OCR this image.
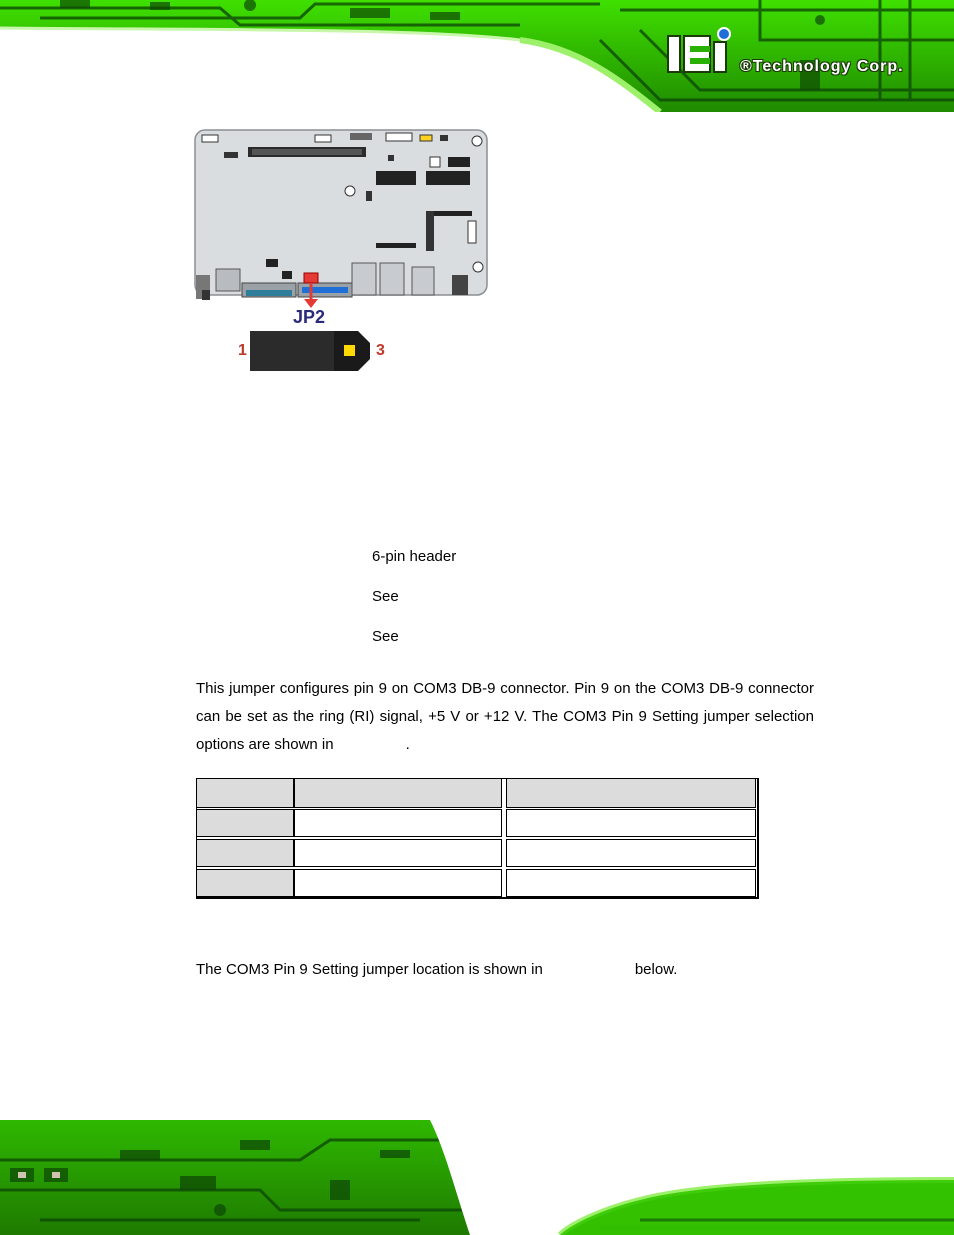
®Technology Corp.
JP2
1	3
6-pin header
See
See
This jumper configures pin 9 on COM3 DB-9 connector. Pin 9 on the COM3 DB-9 connector can be set as the ring (RI) signal, +5 V or +12 V. The COM3 Pin 9 Setting jumper selection options are shown in	.
The COM3 Pin 9 Setting jumper location is shown in	below.
